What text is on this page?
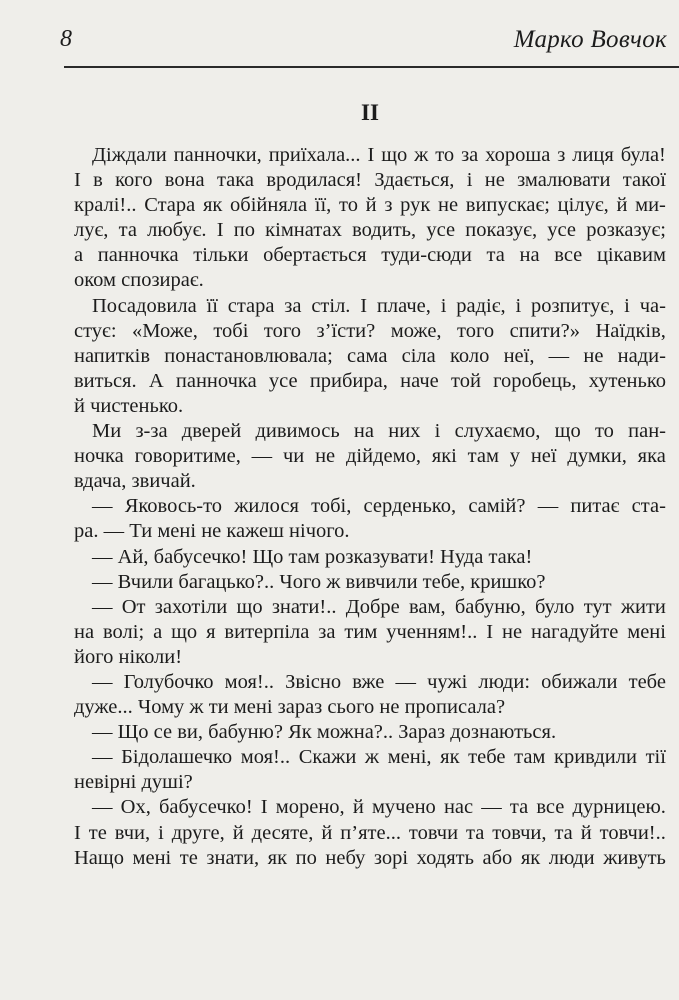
8	Марко Вовчок
II
Діждали панночки, приїхала... І що ж то за хороша з лиця була!
І в кого вона така вродилася! Здається, і не змалювати такої
кралі!.. Стара як обійняла її, то й з рук не випускає; цілує, й ми-
лує, та любує. І по кімнатах водить, усе показує, усе розказує;
а панночка тільки обертається туди-сюди та на все цікавим
оком спозирає.
Посадовила її стара за стіл. І плаче, і радіє, і розпитує, і ча-
стує: «Може, тобі того з’їсти? може, того спити?» Наїдків,
напитків понастановлювала; сама сіла коло неї, — не нади-
виться. А панночка усе прибира, наче той горобець, хутенько
й чистенько.
Ми з-за дверей дивимось на них і слухаємо, що то пан-
ночка говоритиме, — чи не дійдемо, які там у неї думки, яка
вдача, звичай.
— Яковось-то жилося тобі, серденько, самій? — питає ста-
ра. — Ти мені не кажеш нічого.
— Ай, бабусечко! Що там розказувати! Нуда така!
— Вчили багацько?.. Чого ж вивчили тебе, кришко?
— От захотіли що знати!.. Добре вам, бабуню, було тут жити
на волі; а що я витерпіла за тим ученням!.. І не нагадуйте мені
його ніколи!
— Голубочко моя!.. Звісно вже — чужі люди: обижали тебе
дуже... Чому ж ти мені зараз сього не прописала?
— Що се ви, бабуню? Як можна?.. Зараз дознаються.
— Бідолашечко моя!.. Скажи ж мені, як тебе там кривдили тії
невірні душі?
— Ох, бабусечко! І морено, й мучено нас — та все дурницею.
І те вчи, і друге, й десяте, й п’яте... товчи та товчи, та й товчи!..
Нащо мені те знати, як по небу зорі ходять або як люди живуть
